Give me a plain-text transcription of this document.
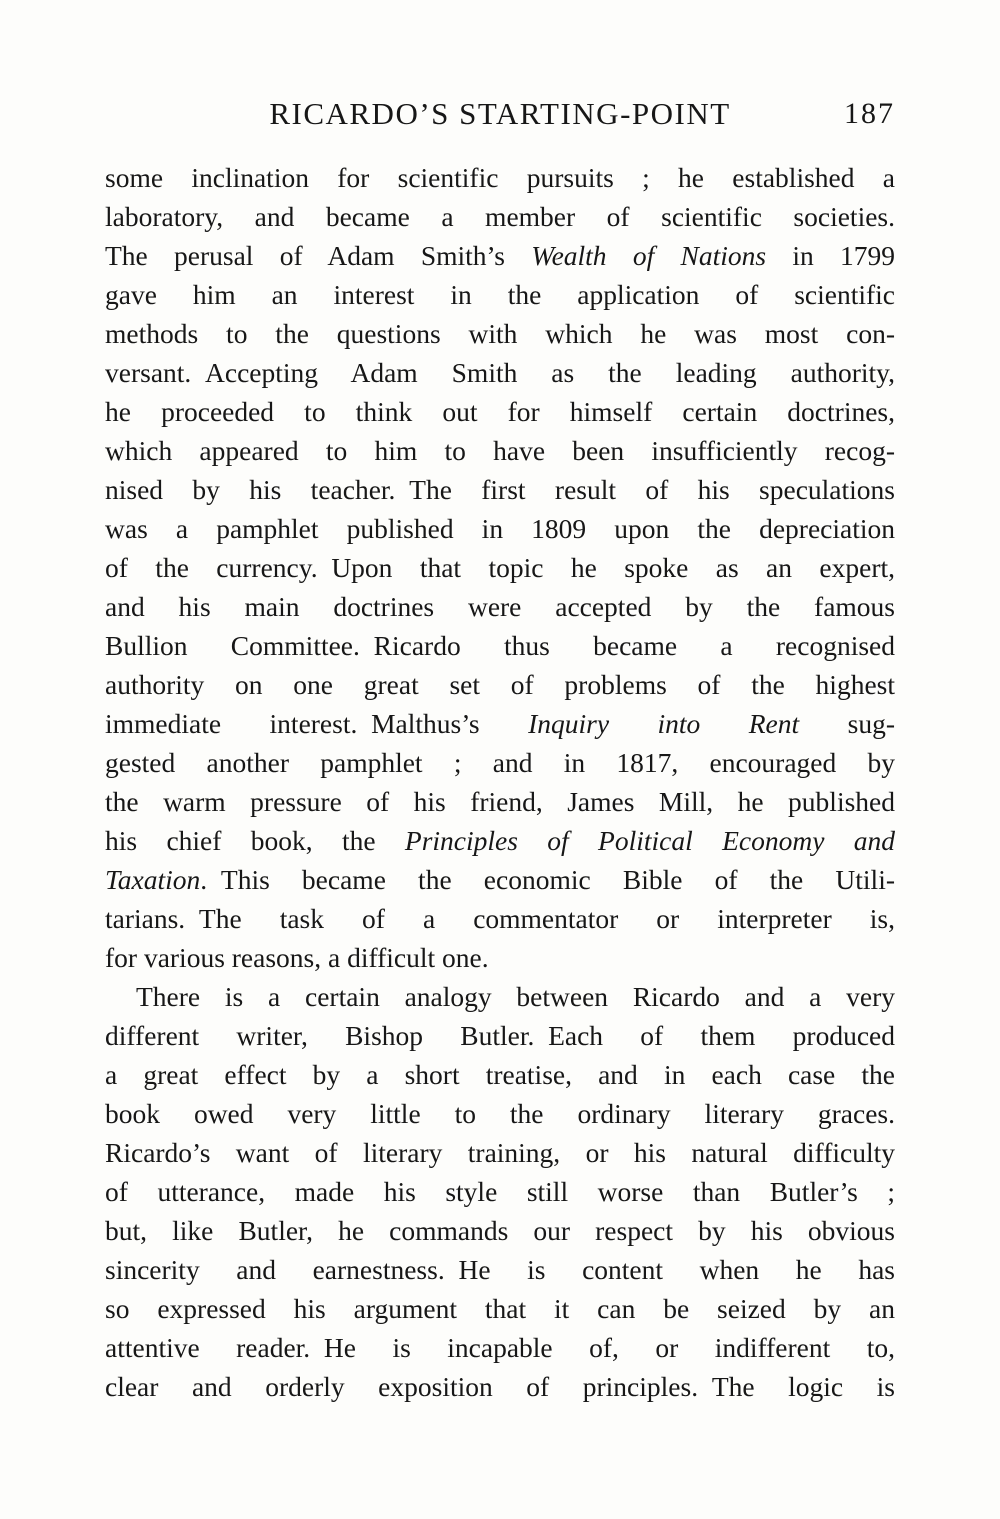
RICARDO’S STARTING-POINT	187
some inclination for scientific pursuits ; he established a
laboratory, and became a member of scientific societies.
The perusal of Adam Smith’s Wealth of Nations in 1799
gave him an interest in the application of scientific
methods to the questions with which he was most con-
versant. Accepting Adam Smith as the leading authority,
he proceeded to think out for himself certain doctrines,
which appeared to him to have been insufficiently recog-
nised by his teacher. The first result of his speculations
was a pamphlet published in 1809 upon the depreciation
of the currency. Upon that topic he spoke as an expert,
and his main doctrines were accepted by the famous
Bullion Committee. Ricardo thus became a recognised
authority on one great set of problems of the highest
immediate interest. Malthus’s Inquiry into Rent sug-
gested another pamphlet ; and in 1817, encouraged by
the warm pressure of his friend, James Mill, he published
his chief book, the Principles of Political Economy and
Taxation. This became the economic Bible of the Utili-
tarians. The task of a commentator or interpreter is,
for various reasons, a difficult one.
There is a certain analogy between Ricardo and a very
different writer, Bishop Butler. Each of them produced
a great effect by a short treatise, and in each case the
book owed very little to the ordinary literary graces.
Ricardo’s want of literary training, or his natural difficulty
of utterance, made his style still worse than Butler’s ;
but, like Butler, he commands our respect by his obvious
sincerity and earnestness. He is content when he has
so expressed his argument that it can be seized by an
attentive reader. He is incapable of, or indifferent to,
clear and orderly exposition of principles. The logic is
